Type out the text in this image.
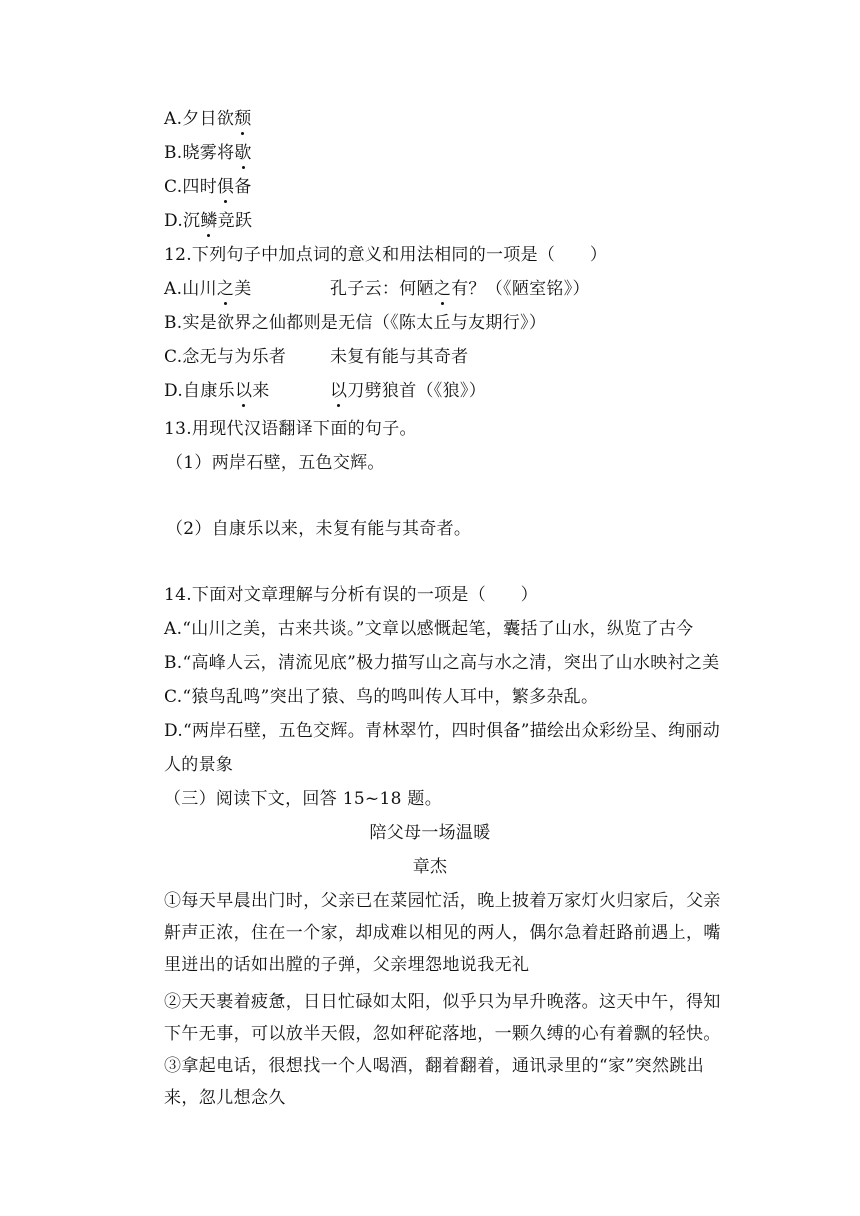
A.夕日欲颓
B.晓雾将歇
C.四时俱备
D.沉鳞竞跃
12.下列句子中加点词的意义和用法相同的一项是（　　）
A.山川之美	孔子云：何陋之有？（《陋室铭》）
B.实是欲界之仙都则是无信（《陈太丘与友期行》）
C.念无与为乐者	未复有能与其奇者
D.自康乐以来	以刀劈狼首（《狼》）
13.用现代汉语翻译下面的句子。
（1）两岸石壁，五色交辉。
（2）自康乐以来，未复有能与其奇者。
14.下面对文章理解与分析有误的一项是（　　）
A.“山川之美，古来共谈。”文章以感慨起笔，囊括了山水，纵览了古今
B.“高峰人云，清流见底”极力描写山之高与水之清，突出了山水映衬之美
C.“猿鸟乱鸣”突出了猿、鸟的鸣叫传人耳中，繁多杂乱。
D.“两岸石壁，五色交辉。青林翠竹，四时俱备”描绘出众彩纷呈、绚丽动
人的景象
（三）阅读下文，回答 15~18 题。
陪父母一场温暖
章杰
①每天早晨出门时，父亲已在菜园忙活，晚上披着万家灯火归家后，父亲鼾声正浓，住在一个家，却成难以相见的两人，偶尔急着赶路前遇上，嘴里迸出的话如出膛的子弹，父亲埋怨地说我无礼
②天天裹着疲惫，日日忙碌如太阳，似乎只为早升晚落。这天中午，得知下午无事，可以放半天假，忽如秤砣落地，一颗久缚的心有着飘的轻快。③拿起电话，很想找一个人喝酒，翻着翻着，通讯录里的“家”突然跳出来，忽儿想念久
